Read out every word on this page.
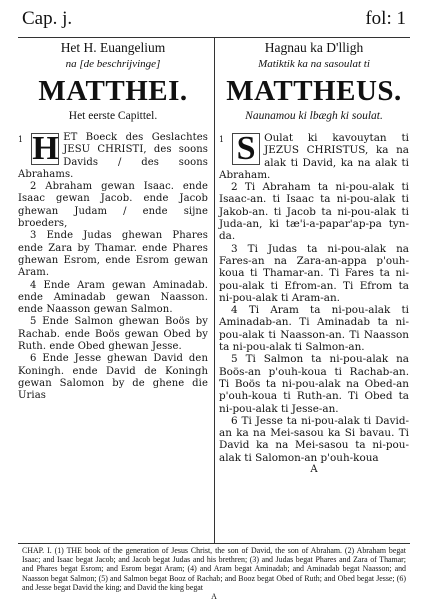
Cap. j.	fol: 1
Het H. Euangelium
na [de beschrijvinge]
MATTHEI.
Het eerste Capittel.
1 H ET Boeck des Geslachtes JESU CHRISTI, des soons Davids / des soons Abrahams.
2 Abraham gewan Isaac. ende Isaac gewan Jacob. ende Jacob ghewan Judam / ende sijne broeders,
3 Ende Judas ghewan Phares ende Zara by Thamar. ende Phares ghewan Esrom, ende Esrom gewan Aram.
4 Ende Aram gewan Aminadab. ende Aminadab gewan Naasson. ende Naasson gewan Salmon.
5 Ende Salmon ghewan Boös by Rachab. ende Boös gewan Obed by Ruth. ende Obed ghewan Jesse.
6 Ende Jesse ghewan David den Koningh. ende David de Koningh gewan Salomon by de ghene die Urias
Hagnau ka D'lligh
Matiktik ka na sasoulat ti
MATTHEUS.
Naunamou ki lbægh ki soulat.
1 S Oulat ki kavouytan ti JEZUS CHRISTUS, ka na alak ti David, ka na alak ti Abraham.
2 Ti Abraham ta ni-pou-alak ti Isaac-an. ti Isaac ta ni-pou-alak ti Jakob-an. ti Jacob ta ni-pou-alak ti Juda-an, ki tæ'i-a-papar'ap-pa tyn-da.
3 Ti Judas ta ni-pou-alak na Fares-an na Zara-an-appa p'ouh-koua ti Thamar-an. Ti Fares ta ni-pou-alak ti Efrom-an. Ti Efrom ta ni-pou-alak ti Aram-an.
4 Ti Aram ta ni-pou-alak ti Aminadab-an. Ti Aminadab ta ni-pou-alak ti Naasson-an. Ti Naasson ta ni-pou-alak ti Salmon-an.
5 Ti Salmon ta ni-pou-alak na Boös-an p'ouh-koua ti Rachab-an. Ti Boös ta ni-pou-alak na Obed-an p'ouh-koua ti Ruth-an. Ti Obed ta ni-pou-alak ti Jesse-an.
6 Ti Jesse ta ni-pou-alak ti David-an ka na Mei-sasou ka Si bavau. Ti David ka na Mei-sasou ta ni-pou-alak ti Salomon-an p'ouh-koua
A
CHAP. I. (1) THE book of the generation of Jesus Christ, the son of David, the son of Abraham. (2) Abraham begat Isaac; and Isaac begat Jacob; and Jacob begat Judas and his brethren; (3) and Judas begat Phares and Zara of Thamar; and Phares begat Esrom; and Esrom begat Aram; (4) and Aram begat Aminadab; and Aminadab begat Naasson; and Naasson begat Salmon; (5) and Salmon begat Booz of Rachab; and Booz begat Obed of Ruth; and Obed begat Jesse; (6) and Jesse begat David the king; and David the king begat
A
